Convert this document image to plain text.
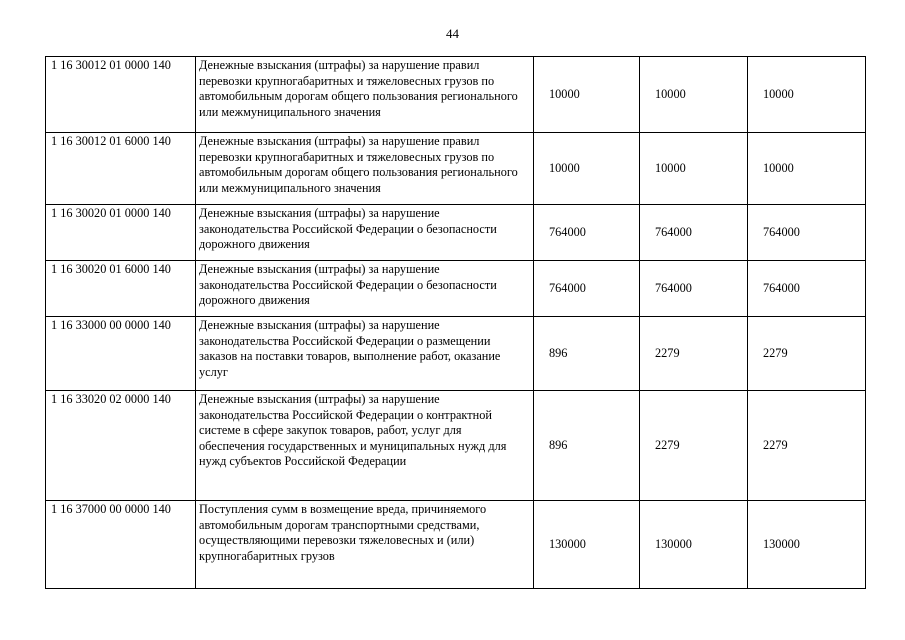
44
1 16 30012 01 0000 140	Денежные взыскания (штрафы) за нарушение правил перевозки крупногабаритных и тяжеловесных грузов по автомобильным дорогам общего пользования регионального или межмуниципального значения	10000	10000	10000
1 16 30012 01 6000 140	Денежные взыскания (штрафы) за нарушение правил перевозки крупногабаритных и тяжеловесных грузов по автомобильным дорогам общего пользования регионального или межмуниципального значения	10000	10000	10000
1 16 30020 01 0000 140	Денежные взыскания (штрафы) за нарушение законодательства Российской Федерации о безопасности дорожного движения	764000	764000	764000
1 16 30020 01 6000 140	Денежные взыскания (штрафы) за нарушение законодательства Российской Федерации о безопасности дорожного движения	764000	764000	764000
1 16 33000 00 0000 140	Денежные взыскания (штрафы) за нарушение законодательства Российской Федерации о размещении заказов на поставки товаров, выполнение работ, оказание услуг	896	2279	2279
1 16 33020 02 0000 140	Денежные взыскания (штрафы) за нарушение законодательства Российской Федерации о контрактной системе в сфере закупок товаров, работ, услуг для обеспечения государственных и муниципальных нужд для нужд субъектов Российской Федерации	896	2279	2279
1 16 37000 00 0000 140	Поступления сумм в возмещение вреда, причиняемого автомобильным дорогам транспортными средствами, осуществляющими перевозки тяжеловесных и (или) крупногабаритных грузов	130000	130000	130000
